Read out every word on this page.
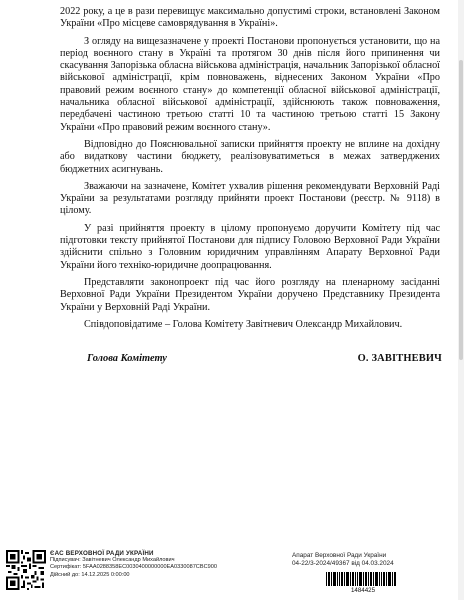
2022 року, а це в рази перевищує максимально допустимі строки, встановлені Законом України «Про місцеве самоврядування в Україні».

З огляду на вищезазначене у проекті Постанови пропонується установити, що на період воєнного стану в Україні та протягом 30 днів після його припинення чи скасування Запорізька обласна військова адміністрація, начальник Запорізької обласної військової адміністрації, крім повноважень, віднесених Законом України «Про правовий режим воєнного стану» до компетенції обласної військової адміністрації, начальника обласної військової адміністрації, здійснюють також повноваження, передбачені частиною третьою статті 10 та частиною третьою статті 15 Закону України «Про правовий режим воєнного стану».

Відповідно до Пояснювальної записки прийняття проекту не вплине на дохідну або видаткову частини бюджету, реалізовуватиметься в межах затверджених бюджетних асигнувань.

Зважаючи на зазначене, Комітет ухвалив рішення рекомендувати Верховній Раді України за результатами розгляду прийняти проект Постанови (реєстр. № 9118) в цілому.

У разі прийняття проекту в цілому пропонуємо доручити Комітету під час підготовки тексту прийнятої Постанови для підпису Головою Верховної Ради України здійснити спільно з Головним юридичним управлінням Апарату Верховної Ради України його техніко-юридичне доопрацювання.

Представляти законопроект під час його розгляду на пленарному засіданні Верховної Ради України Президентом України доручено Представнику Президента України у Верховній Раді України.

Співдоповідатиме – Голова Комітету Завітневич Олександр Михайлович.

Голова Комітету	О. ЗАВІТНЕВИЧ
ЄАС ВЕРХОВНОЇ РАДИ УКРАЇНИ
Підписувач: Завітневич Олександр Михайлович
Сертифікат: 5FAA0288358EC0030400000000EA0330087CBC900
Дійсний до: 14.12.2025 0:00:00
Апарат Верховної Ради України
04-22/3-2024/49367 від 04.03.2024
1484425
